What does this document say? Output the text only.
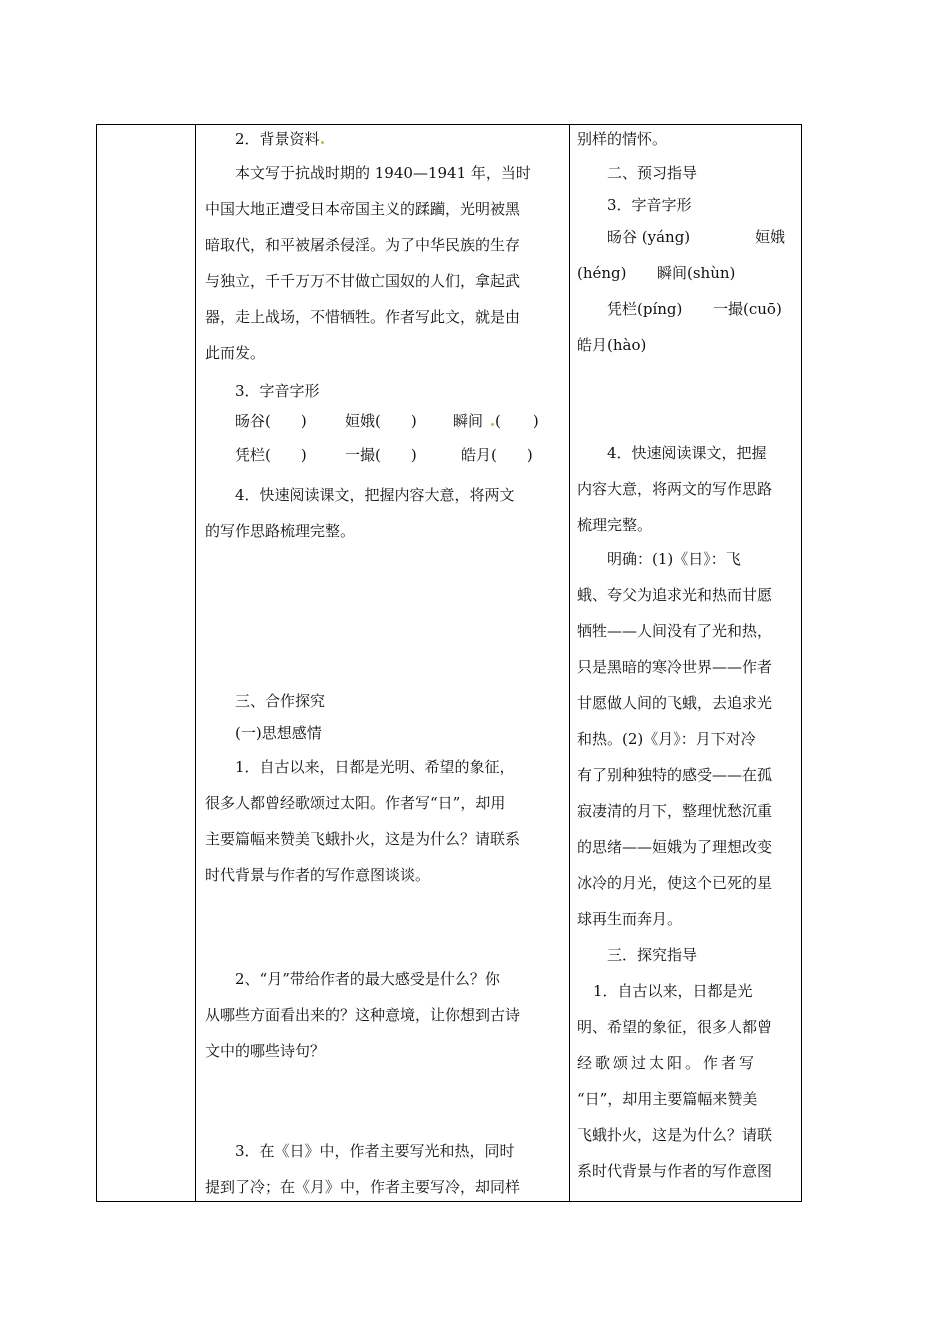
2．背景资料
本文写于抗战时期的 1940—1941 年，当时
中国大地正遭受日本帝国主义的蹂躏，光明被黑
暗取代，和平被屠杀侵淫。为了中华民族的生存
与独立，千千万万不甘做亡国奴的人们，拿起武
器，走上战场，不惜牺牲。作者写此文，就是由
此而发。
3．字音字形
旸谷( )	姮娥( ) 瞬间 ( )
凭栏( )	一撮( )	皓月( )
4．快速阅读课文，把握内容大意，将两文
的写作思路梳理完整。
三、合作探究
(一)思想感情
1．自古以来，日都是光明、希望的象征，
很多人都曾经歌颂过太阳。作者写“日”，却用
主要篇幅来赞美飞蛾扑火，这是为什么？请联系
时代背景与作者的写作意图谈谈。
2、“月”带给作者的最大感受是什么？你
从哪些方面看出来的？这种意境，让你想到古诗
文中的哪些诗句？
3．在《日》中，作者主要写光和热，同时
提到了冷；在《月》中，作者主要写冷，却同样
别样的情怀。
二、预习指导
3．字音字形
旸谷 (yáng)	姮娥
(héng) 瞬间(shùn)
凭栏(píng) 一撮(cuō)
皓月(hào)
4．快速阅读课文，把握
内容大意，将两文的写作思路
梳理完整。
明确：(1)《日》：飞
蛾、夸父为追求光和热而甘愿
牺牲——人间没有了光和热，
只是黑暗的寒冷世界——作者
甘愿做人间的飞蛾，去追求光
和热。(2)《月》：月下对冷
有了别种独特的感受——在孤
寂凄清的月下，整理忧愁沉重
的思绪——姮娥为了理想改变
冰冷的月光，使这个已死的星
球再生而奔月。
三．探究指导
1．自古以来，日都是光
明、希望的象征，很多人都曾
经歌颂过太阳。作者写
“日”，却用主要篇幅来赞美
飞蛾扑火，这是为什么？请联
系时代背景与作者的写作意图
